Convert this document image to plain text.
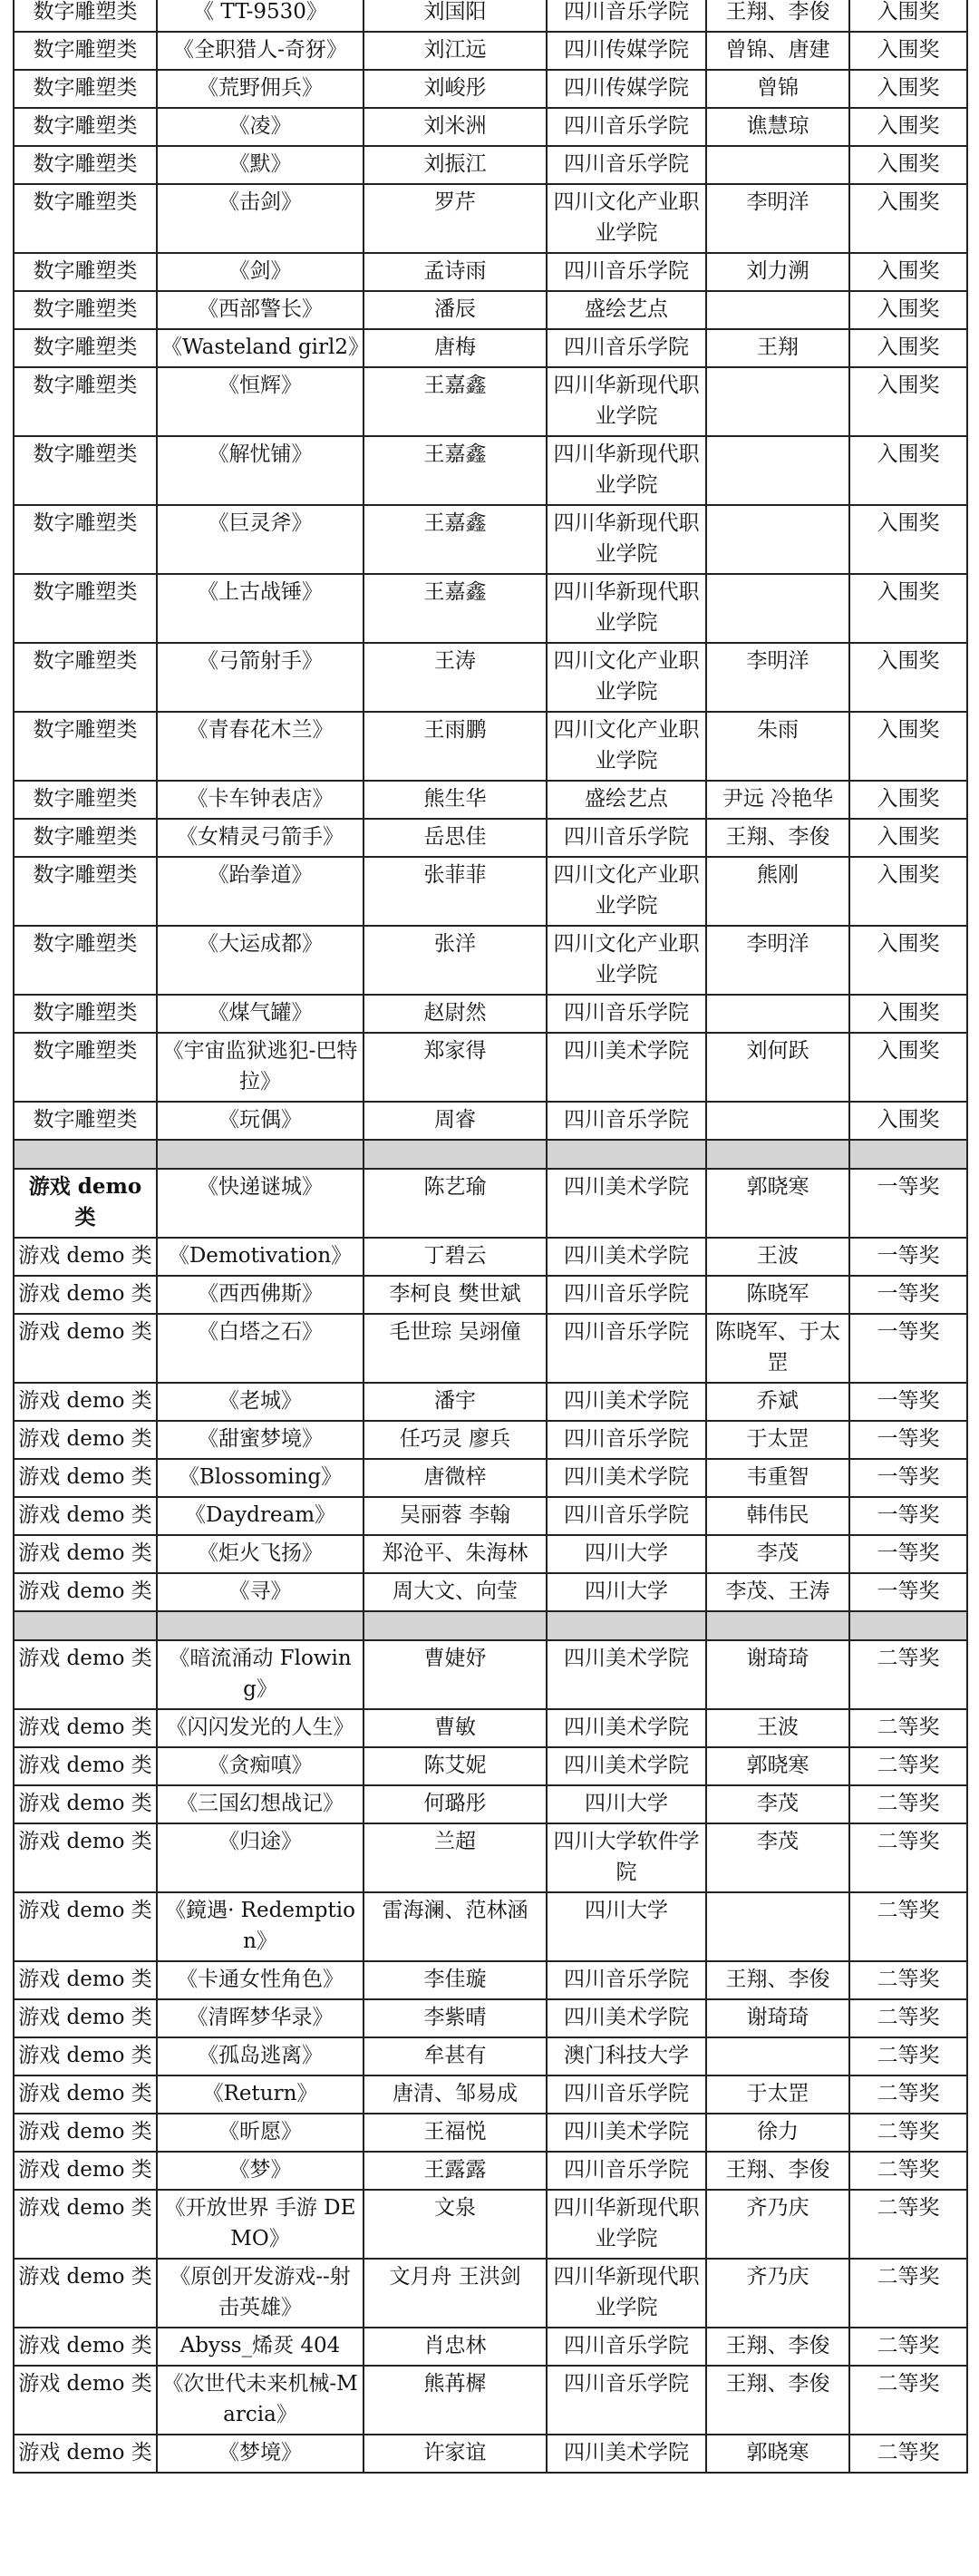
数字雕塑类	《 TT-9530》	刘国阳	四川音乐学院	王翔、李俊	入围奖
数字雕塑类	《全职猎人-奇犽》	刘江远	四川传媒学院	曾锦、唐建	入围奖
数字雕塑类	《荒野佣兵》	刘峻彤	四川传媒学院	曾锦	入围奖
数字雕塑类	《凌》	刘米洲	四川音乐学院	谯慧琼	入围奖
数字雕塑类	《默》	刘振江	四川音乐学院		入围奖
数字雕塑类	《击剑》	罗芹	四川文化产业职业学院	李明洋	入围奖
数字雕塑类	《剑》	孟诗雨	四川音乐学院	刘力溯	入围奖
数字雕塑类	《西部警长》	潘辰	盛绘艺点		入围奖
数字雕塑类	《Wasteland girl2》	唐梅	四川音乐学院	王翔	入围奖
数字雕塑类	《恒辉》	王嘉鑫	四川华新现代职业学院		入围奖
数字雕塑类	《解忧铺》	王嘉鑫	四川华新现代职业学院		入围奖
数字雕塑类	《巨灵斧》	王嘉鑫	四川华新现代职业学院		入围奖
数字雕塑类	《上古战锤》	王嘉鑫	四川华新现代职业学院		入围奖
数字雕塑类	《弓箭射手》	王涛	四川文化产业职业学院	李明洋	入围奖
数字雕塑类	《青春花木兰》	王雨鹏	四川文化产业职业学院	朱雨	入围奖
数字雕塑类	《卡车钟表店》	熊生华	盛绘艺点	尹远 冷艳华	入围奖
数字雕塑类	《女精灵弓箭手》	岳思佳	四川音乐学院	王翔、李俊	入围奖
数字雕塑类	《跆拳道》	张菲菲	四川文化产业职业学院	熊刚	入围奖
数字雕塑类	《大运成都》	张洋	四川文化产业职业学院	李明洋	入围奖
数字雕塑类	《煤气罐》	赵尉然	四川音乐学院		入围奖
数字雕塑类	《宇宙监狱逃犯-巴特拉》	郑家得	四川美术学院	刘何跃	入围奖
数字雕塑类	《玩偶》	周睿	四川音乐学院		入围奖

游戏 demo 类	《快递谜城》	陈艺瑜	四川美术学院	郭晓寒	一等奖
游戏 demo 类	《Demotivation》	丁碧云	四川美术学院	王波	一等奖
游戏 demo 类	《西西佛斯》	李柯良 樊世斌	四川音乐学院	陈晓军	一等奖
游戏 demo 类	《白塔之石》	毛世琮 吴翊僮	四川音乐学院	陈晓军、于太罡	一等奖
游戏 demo 类	《老城》	潘宇	四川美术学院	乔斌	一等奖
游戏 demo 类	《甜蜜梦境》	任巧灵 廖兵	四川音乐学院	于太罡	一等奖
游戏 demo 类	《Blossoming》	唐微梓	四川美术学院	韦重智	一等奖
游戏 demo 类	《Daydream》	吴丽蓉 李翰	四川音乐学院	韩伟民	一等奖
游戏 demo 类	《炬火飞扬》	郑沧平、朱海林	四川大学	李茂	一等奖
游戏 demo 类	《寻》	周大文、向莹	四川大学	李茂、王涛	一等奖

游戏 demo 类	《暗流涌动 Flowing》	曹婕妤	四川美术学院	谢琦琦	二等奖
游戏 demo 类	《闪闪发光的人生》	曹敏	四川美术学院	王波	二等奖
游戏 demo 类	《贪痴嗔》	陈艾妮	四川美术学院	郭晓寒	二等奖
游戏 demo 类	《三国幻想战记》	何璐彤	四川大学	李茂	二等奖
游戏 demo 类	《归途》	兰超	四川大学软件学院	李茂	二等奖
游戏 demo 类	《鏡遇· Redemption》	雷海澜、范林涵	四川大学		二等奖
游戏 demo 类	《卡通女性角色》	李佳璇	四川音乐学院	王翔、李俊	二等奖
游戏 demo 类	《清晖梦华录》	李紫晴	四川美术学院	谢琦琦	二等奖
游戏 demo 类	《孤岛逃离》	牟甚有	澳门科技大学		二等奖
游戏 demo 类	《Return》	唐清、邹易成	四川音乐学院	于太罡	二等奖
游戏 demo 类	《昕愿》	王福悦	四川美术学院	徐力	二等奖
游戏 demo 类	《梦》	王露露	四川音乐学院	王翔、李俊	二等奖
游戏 demo 类	《开放世界 手游 DEMO》	文泉	四川华新现代职业学院	齐乃庆	二等奖
游戏 demo 类	《原创开发游戏--射击英雄》	文月舟 王洪剑	四川华新现代职业学院	齐乃庆	二等奖
游戏 demo 类	Abyss_烯烎 404	肖忠林	四川音乐学院	王翔、李俊	二等奖
游戏 demo 类	《次世代未来机械-Marcia》	熊苒樨	四川音乐学院	王翔、李俊	二等奖
游戏 demo 类	《梦境》	许家谊	四川美术学院	郭晓寒	二等奖
